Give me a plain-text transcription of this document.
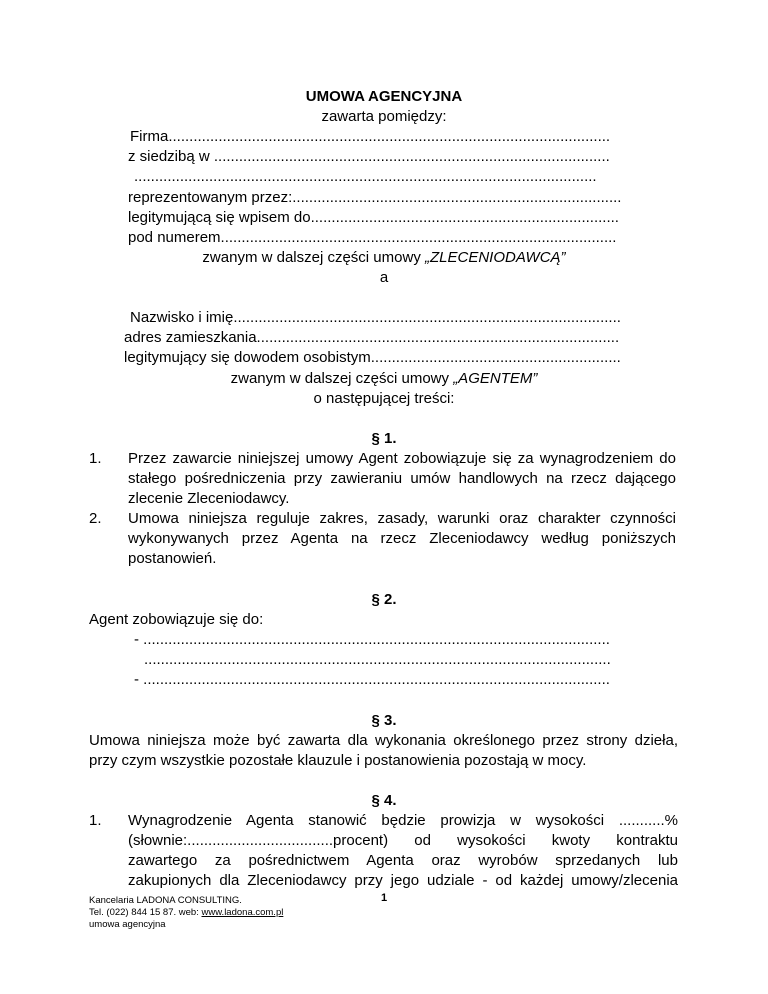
UMOWA AGENCYJNA
zawarta pomiędzy:
Firma..........................................................................................................
z siedzibą w ...............................................................................................
...............................................................................................................
reprezentowanym przez:...............................................................................
legitymującą się wpisem do..........................................................................
pod numerem...............................................................................................
zwanym w dalszej części umowy „ZLECENIODAWCĄ”
a
Nazwisko i imię.............................................................................................
adres zamieszkania.......................................................................................
legitymujący się dowodem osobistym............................................................
zwanym w dalszej części umowy „AGENTEM”
o następującej treści:
§ 1.
1. Przez zawarcie niniejszej umowy Agent zobowiązuje się za wynagrodzeniem do
stałego pośredniczenia przy zawieraniu umów handlowych na rzecz dającego
zlecenie Zleceniodawcy.
2. Umowa niniejsza reguluje zakres, zasady, warunki oraz charakter czynności
wykonywanych przez Agenta na rzecz Zleceniodawcy według poniższych
postanowień.
§ 2.
Agent zobowiązuje się do:
- ................................................................................................................
................................................................................................................
- ................................................................................................................
§ 3.
Umowa niniejsza może być zawarta dla wykonania określonego przez strony dzieła,
przy czym wszystkie pozostałe klauzule i postanowienia pozostają w mocy.
§ 4.
1. Wynagrodzenie Agenta stanowić będzie prowizja w wysokości ...........%
(słownie:...................................procent) od wysokości kwoty kontraktu
zawartego za pośrednictwem Agenta oraz wyrobów sprzedanych lub
zakupionych dla Zleceniodawcy przy jego udziale - od każdej umowy/zlecenia
Kancelaria LADONA CONSULTING.
Tel. (022) 844 15 87. web: www.ladona.com.pl
umowa agencyjna
1
